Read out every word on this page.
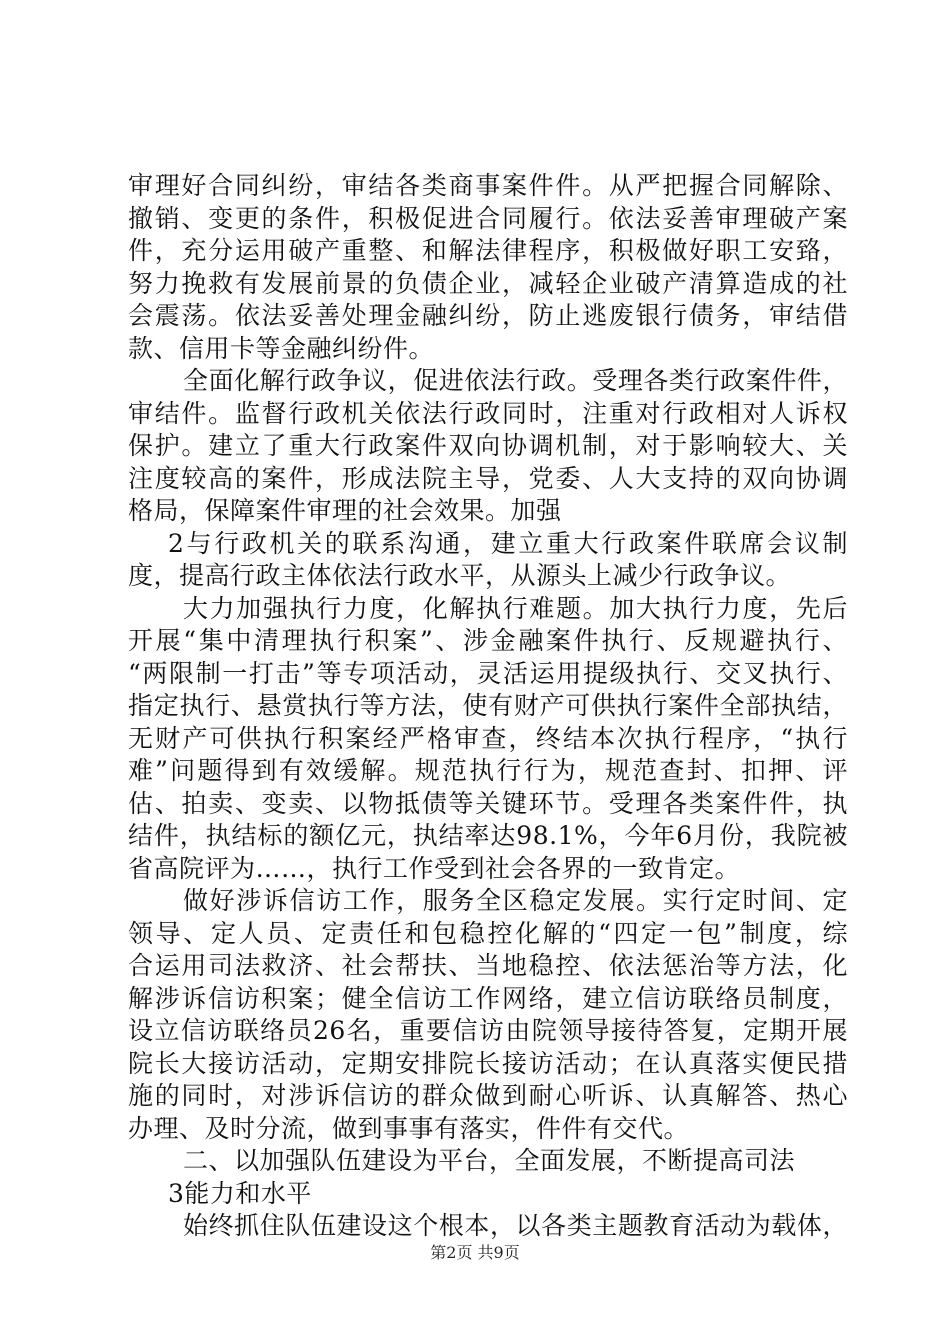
审理好合同纠纷，审结各类商事案件件。从严把握合同解除、
撤销、变更的条件，积极促进合同履行。依法妥善审理破产案
件，充分运用破产重整、和解法律程序，积极做好职工安臵，
努力挽救有发展前景的负债企业，减轻企业破产清算造成的社
会震荡。依法妥善处理金融纠纷，防止逃废银行债务，审结借
款、信用卡等金融纠纷件。
全面化解行政争议，促进依法行政。受理各类行政案件件，
审结件。监督行政机关依法行政同时，注重对行政相对人诉权
保护。建立了重大行政案件双向协调机制，对于影响较大、关
注度较高的案件，形成法院主导，党委、人大支持的双向协调
格局，保障案件审理的社会效果。加强
2与行政机关的联系沟通，建立重大行政案件联席会议制
度，提高行政主体依法行政水平，从源头上减少行政争议。
大力加强执行力度，化解执行难题。加大执行力度，先后
开展“集中清理执行积案”、涉金融案件执行、反规避执行、
“两限制一打击”等专项活动，灵活运用提级执行、交叉执行、
指定执行、悬赏执行等方法，使有财产可供执行案件全部执结，
无财产可供执行积案经严格审查，终结本次执行程序，“执行
难”问题得到有效缓解。规范执行行为，规范查封、扣押、评
估、拍卖、变卖、以物抵债等关键环节。受理各类案件件，执
结件，执结标的额亿元，执结率达98.1%，今年6月份，我院被
省高院评为……，执行工作受到社会各界的一致肯定。
做好涉诉信访工作，服务全区稳定发展。实行定时间、定
领导、定人员、定责任和包稳控化解的“四定一包”制度，综
合运用司法救济、社会帮扶、当地稳控、依法惩治等方法，化
解涉诉信访积案；健全信访工作网络，建立信访联络员制度，
设立信访联络员26名，重要信访由院领导接待答复，定期开展
院长大接访活动，定期安排院长接访活动；在认真落实便民措
施的同时，对涉诉信访的群众做到耐心听诉、认真解答、热心
办理、及时分流，做到事事有落实，件件有交代。
二、以加强队伍建设为平台，全面发展，不断提高司法
3能力和水平
始终抓住队伍建设这个根本，以各类主题教育活动为载体，
第2页 共9页
